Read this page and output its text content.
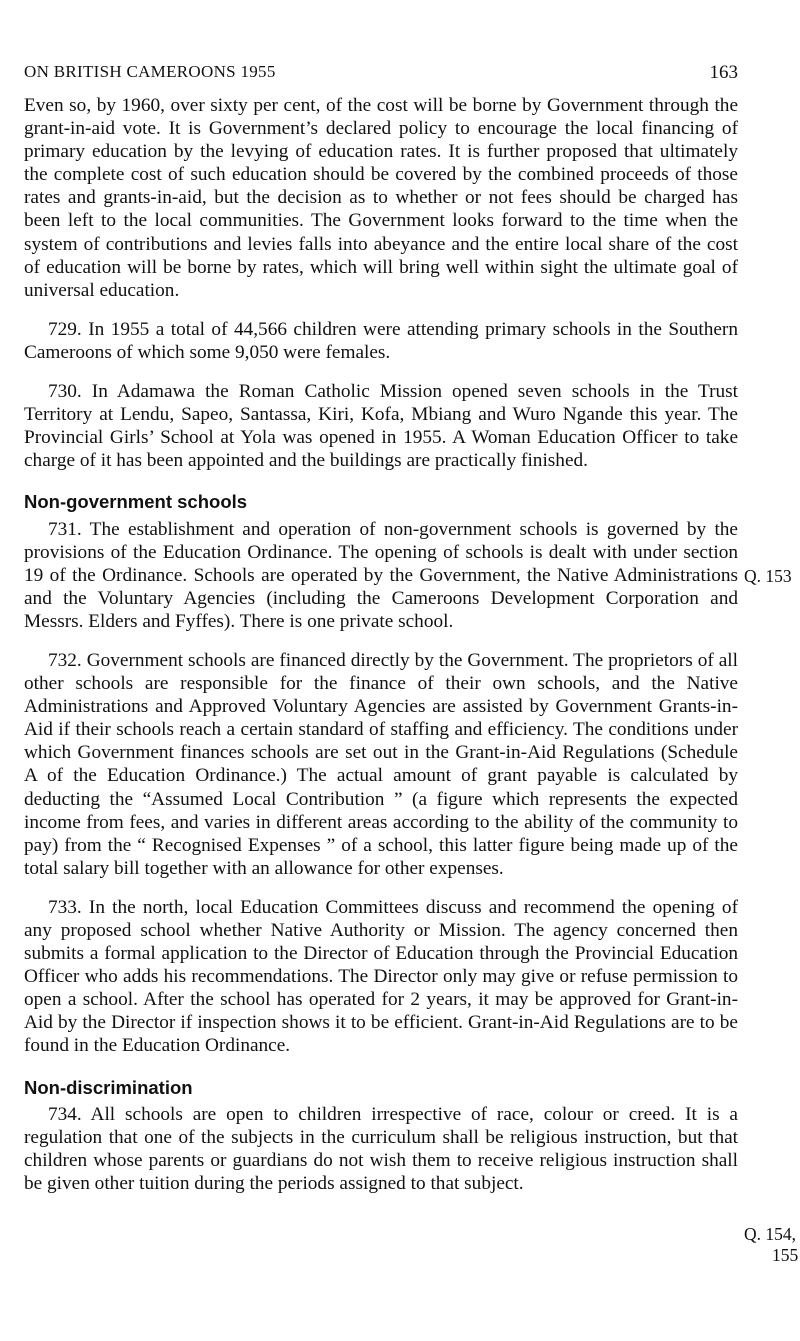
ON BRITISH CAMEROONS 1955	163

Even so, by 1960, over sixty per cent, of the cost will be borne by Government through the grant-in-aid vote. It is Government’s declared policy to encourage the local financing of primary education by the levying of education rates. It is further proposed that ultimately the complete cost of such education should be covered by the combined proceeds of those rates and grants-in-aid, but the decision as to whether or not fees should be charged has been left to the local communities. The Government looks forward to the time when the system of contributions and levies falls into abeyance and the entire local share of the cost of education will be borne by rates, which will bring well within sight the ultimate goal of universal education.

729. In 1955 a total of 44,566 children were attending primary schools in the Southern Cameroons of which some 9,050 were females.

730. In Adamawa the Roman Catholic Mission opened seven schools in the Trust Territory at Lendu, Sapeo, Santassa, Kiri, Kofa, Mbiang and Wuro Ngande this year. The Provincial Girls’ School at Yola was opened in 1955. A Woman Education Officer to take charge of it has been appointed and the buildings are practically finished.

Non-government schools

731. The establishment and operation of non-government schools is governed by the provisions of the Education Ordinance. The opening of schools is dealt with under section 19 of the Ordinance. Schools are operated by the Government, the Native Administrations and the Voluntary Agencies (including the Cameroons Development Corporation and Messrs. Elders and Fyffes). There is one private school.

732. Government schools are financed directly by the Government. The proprietors of all other schools are responsible for the finance of their own schools, and the Native Administrations and Approved Voluntary Agencies are assisted by Government Grants-in-Aid if their schools reach a certain standard of staffing and efficiency. The conditions under which Government finances schools are set out in the Grant-in-Aid Regulations (Schedule A of the Education Ordinance.) The actual amount of grant payable is calculated by deducting the “Assumed Local Contribution ” (a figure which represents the expected income from fees, and varies in different areas according to the ability of the community to pay) from the “ Recognised Expenses ” of a school, this latter figure being made up of the total salary bill together with an allowance for other expenses.

733. In the north, local Education Committees discuss and recommend the opening of any proposed school whether Native Authority or Mission. The agency concerned then submits a formal application to the Director of Education through the Provincial Education Officer who adds his recommendations. The Director only may give or refuse permission to open a school. After the school has operated for 2 years, it may be approved for Grant-in-Aid by the Director if inspection shows it to be efficient. Grant-in-Aid Regulations are to be found in the Education Ordinance.

Non-discrimination

734. All schools are open to children irrespective of race, colour or creed. It is a regulation that one of the subjects in the curriculum shall be religious instruction, but that children whose parents or guardians do not wish them to receive religious instruction shall be given other tuition during the periods assigned to that subject.

Q. 153
Q. 154,
155
